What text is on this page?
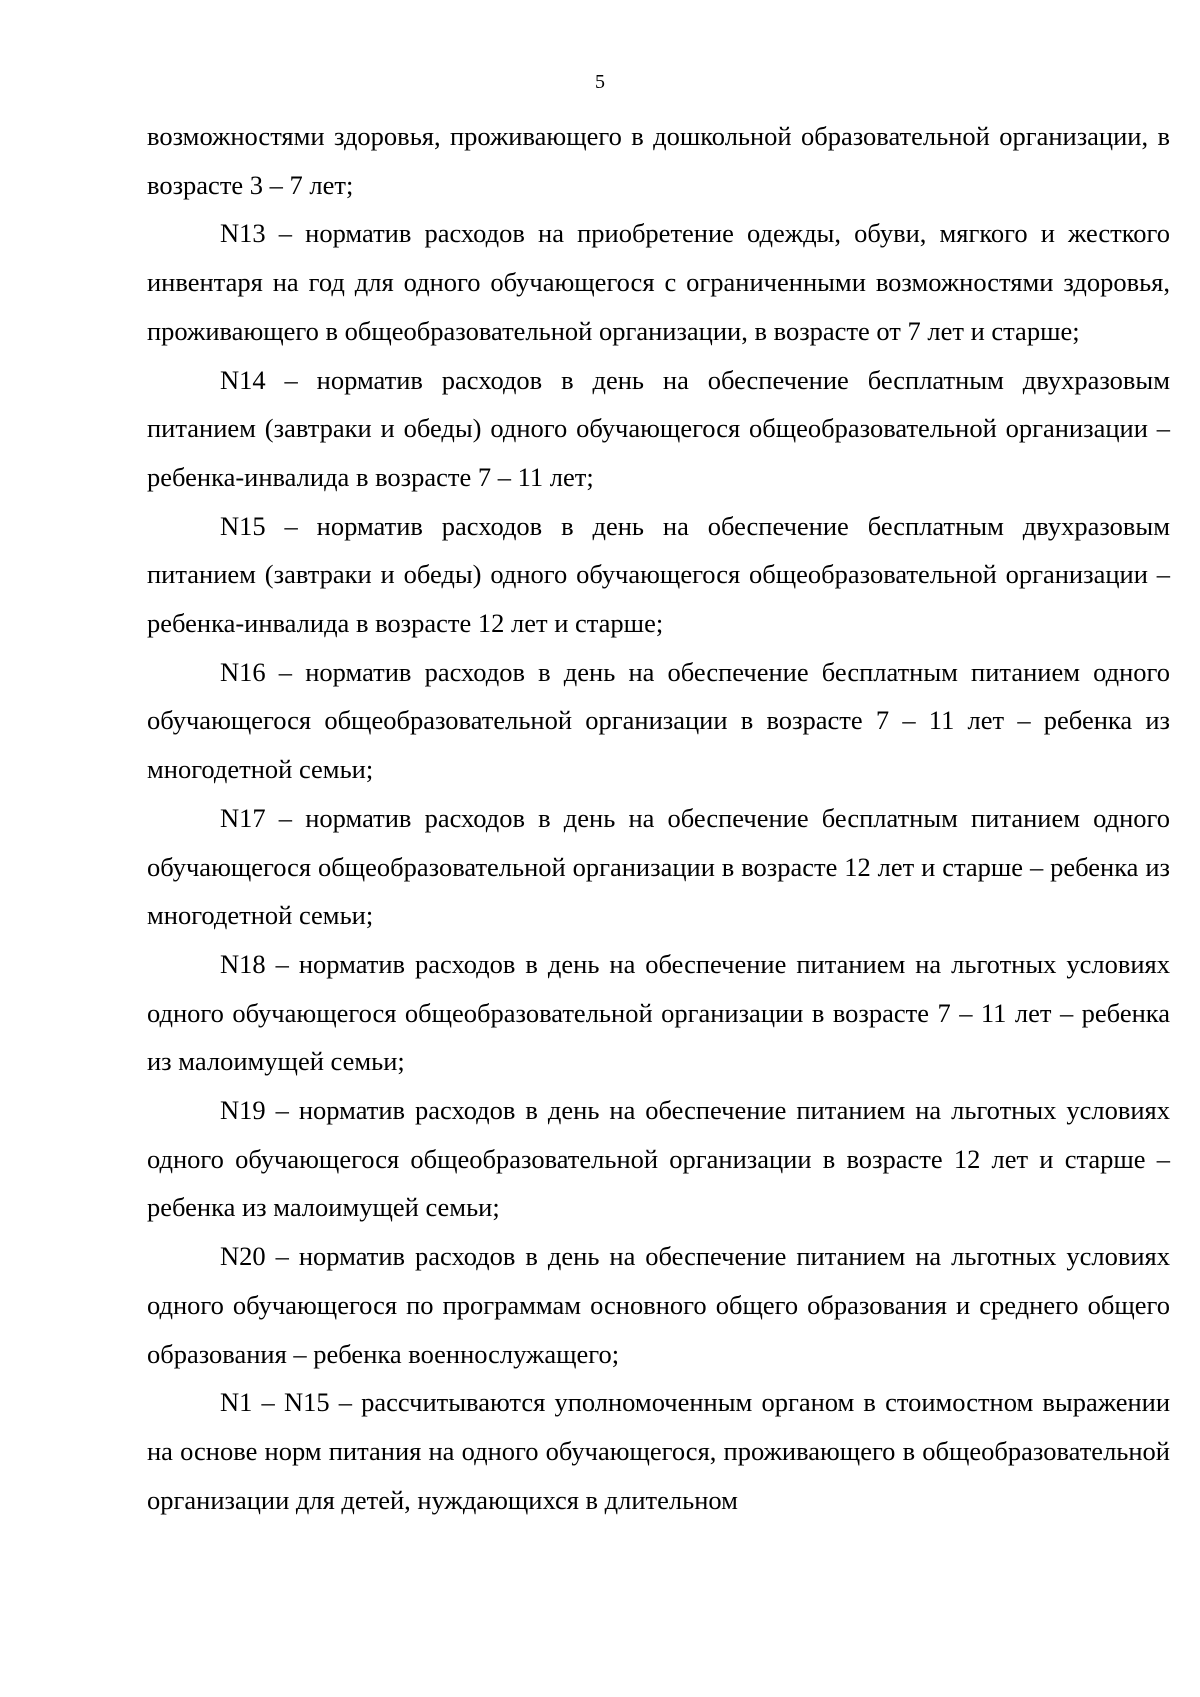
5

возможностями здоровья, проживающего в дошкольной образовательной организации, в возрасте 3 – 7 лет;

N13 – норматив расходов на приобретение одежды, обуви, мягкого и жесткого инвентаря на год для одного обучающегося с ограниченными возможностями здоровья, проживающего в общеобразовательной организации, в возрасте от 7 лет и старше;

N14 – норматив расходов в день на обеспечение бесплатным двухразовым питанием (завтраки и обеды) одного обучающегося общеобразовательной организации – ребенка-инвалида в возрасте 7 – 11 лет;

N15 – норматив расходов в день на обеспечение бесплатным двухразовым питанием (завтраки и обеды) одного обучающегося общеобразовательной организации – ребенка-инвалида в возрасте 12 лет и старше;

N16 – норматив расходов в день на обеспечение бесплатным питанием одного обучающегося общеобразовательной организации в возрасте 7 – 11 лет – ребенка из многодетной семьи;

N17 – норматив расходов в день на обеспечение бесплатным питанием одного обучающегося общеобразовательной организации в возрасте 12 лет и старше – ребенка из многодетной семьи;

N18 – норматив расходов в день на обеспечение питанием на льготных условиях одного обучающегося общеобразовательной организации в возрасте 7 – 11 лет – ребенка из малоимущей семьи;

N19 – норматив расходов в день на обеспечение питанием на льготных условиях одного обучающегося общеобразовательной организации в возрасте 12 лет и старше – ребенка из малоимущей семьи;

N20 – норматив расходов в день на обеспечение питанием на льготных условиях одного обучающегося по программам основного общего образования и среднего общего образования – ребенка военнослужащего;

N1 – N15 – рассчитываются уполномоченным органом в стоимостном выражении на основе норм питания на одного обучающегося, проживающего в общеобразовательной организации для детей, нуждающихся в длительном
